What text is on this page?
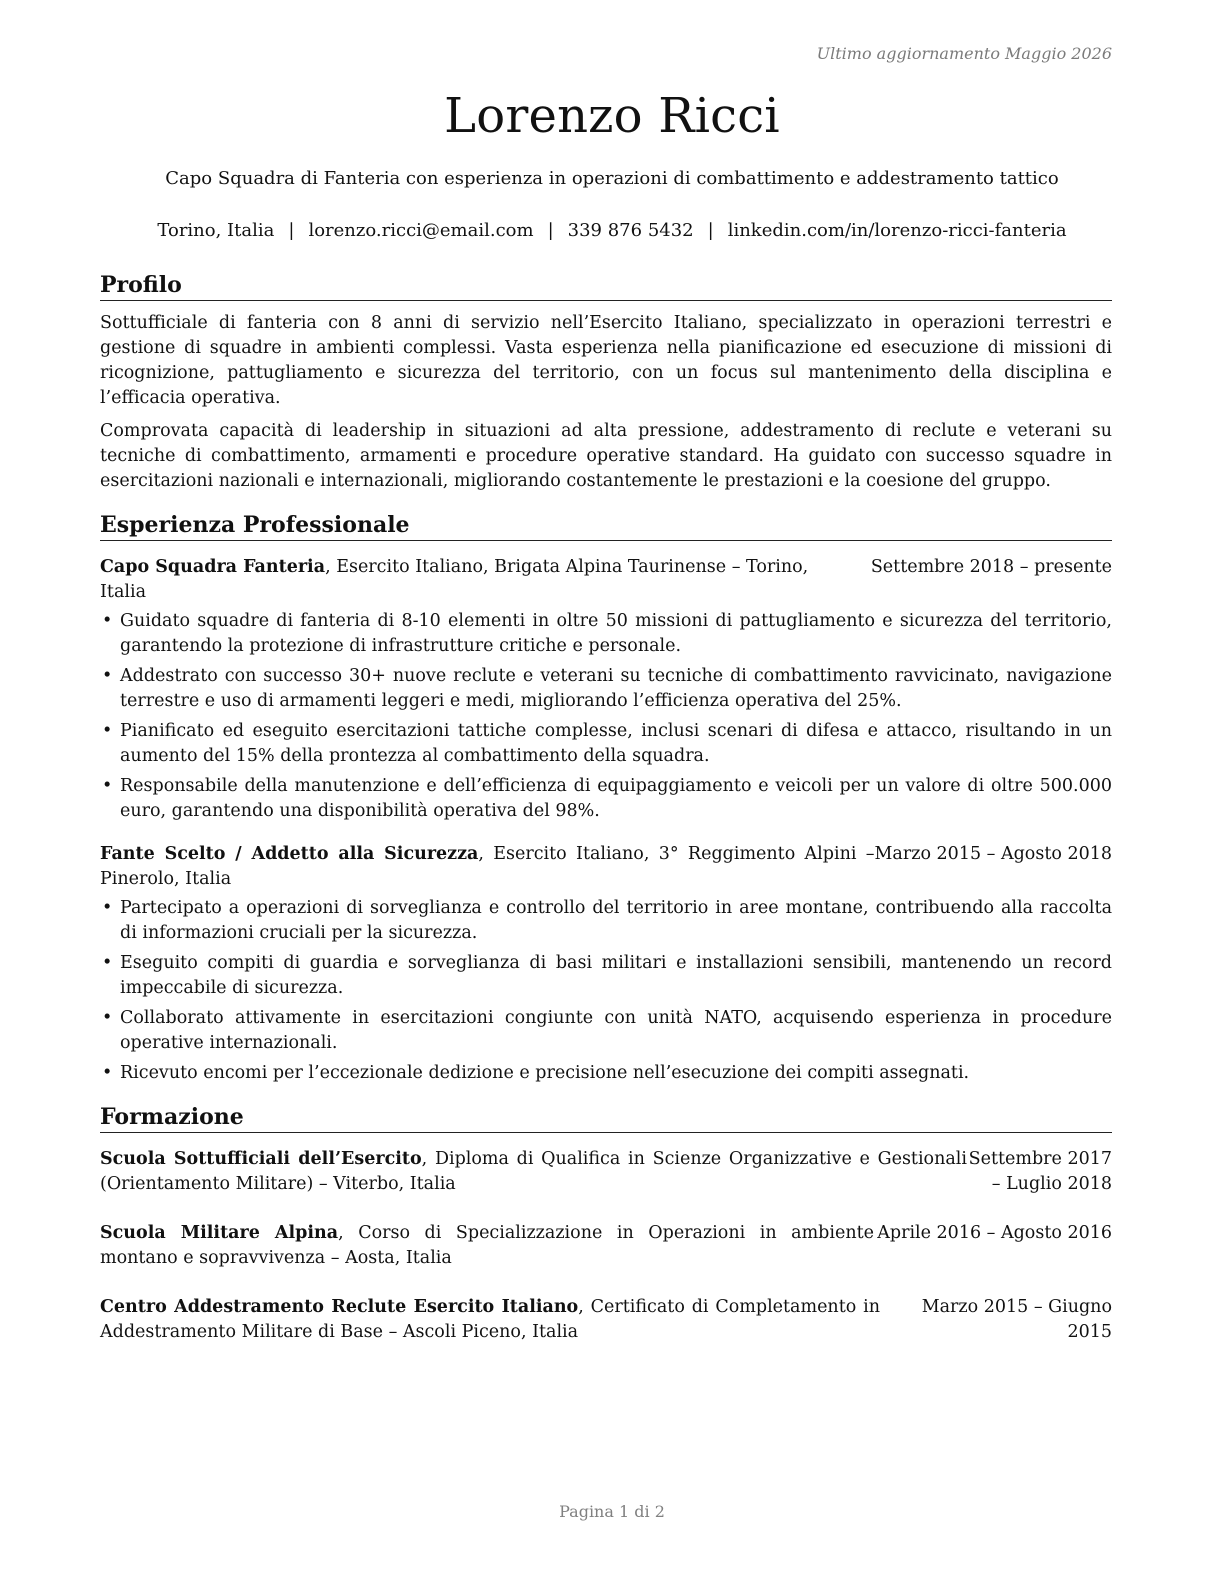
Ultimo aggiornamento Maggio 2026
Lorenzo Ricci
Capo Squadra di Fanteria con esperienza in operazioni di combattimento e addestramento tattico
Torino, Italia | lorenzo.ricci@email.com | 339 876 5432 | linkedin.com/in/lorenzo-ricci-fanteria
Profilo

Sottufficiale di fanteria con 8 anni di servizio nell’Esercito Italiano, specializzato in operazioni terrestri e gestione di squadre in ambienti complessi. Vasta esperienza nella pianificazione ed esecuzione di missioni di ricognizione, pattugliamento e sicurezza del territorio, con un focus sul mantenimento della disciplina e l’efficacia operativa.

Comprovata capacità di leadership in situazioni ad alta pressione, addestramento di reclute e veterani su tecniche di combattimento, armamenti e procedure operative standard. Ha guidato con successo squadre in esercitazioni nazionali e internazionali, migliorando costantemente le prestazioni e la coesione del gruppo.

Esperienza Professionale
Capo Squadra Fanteria, Esercito Italiano, Brigata Alpina Taurinense – Torino, Italia
Settembre 2018 – presente
• Guidato squadre di fanteria di 8-10 elementi in oltre 50 missioni di pattugliamento e sicurezza del territorio, garantendo la protezione di infrastrutture critiche e personale.
• Addestrato con successo 30+ nuove reclute e veterani su tecniche di combattimento ravvicinato, navigazione terrestre e uso di armamenti leggeri e medi, migliorando l’efficienza operativa del 25%.
• Pianificato ed eseguito esercitazioni tattiche complesse, inclusi scenari di difesa e attacco, risultando in un aumento del 15% della prontezza al combattimento della squadra.
• Responsabile della manutenzione e dell’efficienza di equipaggiamento e veicoli per un valore di oltre 500.000 euro, garantendo una disponibilità operativa del 98%.
Fante Scelto / Addetto alla Sicurezza, Esercito Italiano, 3° Reggimento Alpini – Pinerolo, Italia
Marzo 2015 – Agosto 2018
• Partecipato a operazioni di sorveglianza e controllo del territorio in aree montane, contribuendo alla raccolta di informazioni cruciali per la sicurezza.
• Eseguito compiti di guardia e sorveglianza di basi militari e installazioni sensibili, mantenendo un record impeccabile di sicurezza.
• Collaborato attivamente in esercitazioni congiunte con unità NATO, acquisendo esperienza in procedure operative internazionali.
• Ricevuto encomi per l’eccezionale dedizione e precisione nell’esecuzione dei compiti assegnati.
Formazione
Scuola Sottufficiali dell’Esercito, Diploma di Qualifica in Scienze Organizzative e Gestionali (Orientamento Militare) – Viterbo, Italia
Settembre 2017 – Luglio 2018
Scuola Militare Alpina, Corso di Specializzazione in Operazioni in ambiente montano e sopravvivenza – Aosta, Italia
Aprile 2016 – Agosto 2016
Centro Addestramento Reclute Esercito Italiano, Certificato di Completamento in Addestramento Militare di Base – Ascoli Piceno, Italia
Marzo 2015 – Giugno 2015
Pagina 1 di 2
